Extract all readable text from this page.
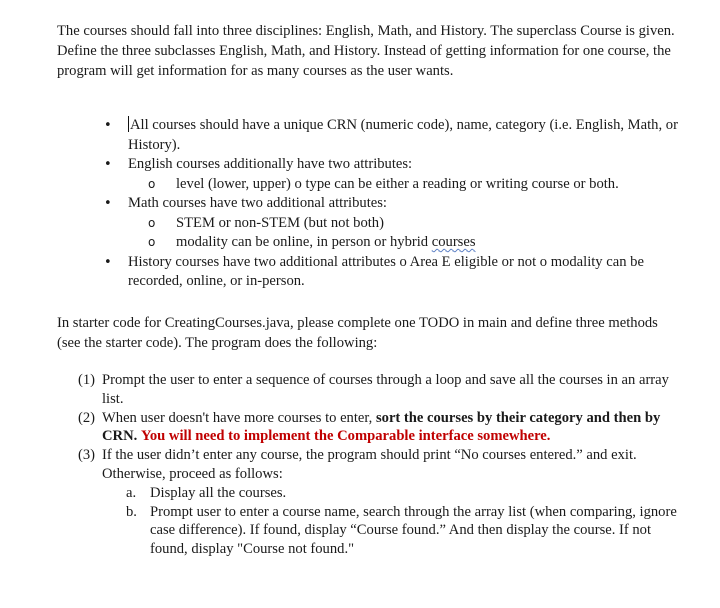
The courses should fall into three disciplines: English, Math, and History. The superclass Course is given. Define the three subclasses English, Math, and History. Instead of getting information for one course, the program will get information for as many courses as the user wants.
• All courses should have a unique CRN (numeric code), name, category (i.e. English, Math, or History).
• English courses additionally have two attributes:
o level (lower, upper) o type can be either a reading or writing course or both.
• Math courses have two additional attributes:
o STEM or non-STEM (but not both)
o modality can be online, in person or hybrid courses
• History courses have two additional attributes o Area E eligible or not o modality can be recorded, online, or in-person.
In starter code for CreatingCourses.java, please complete one TODO in main and define three methods (see the starter code). The program does the following:
(1) Prompt the user to enter a sequence of courses through a loop and save all the courses in an array list.
(2) When user doesn't have more courses to enter, sort the courses by their category and then by CRN. You will need to implement the Comparable interface somewhere.
(3) If the user didn’t enter any course, the program should print “No courses entered.” and exit. Otherwise, proceed as follows:
a. Display all the courses.
b. Prompt user to enter a course name, search through the array list (when comparing, ignore case difference). If found, display “Course found.” And then display the course. If not found, display "Course not found."
